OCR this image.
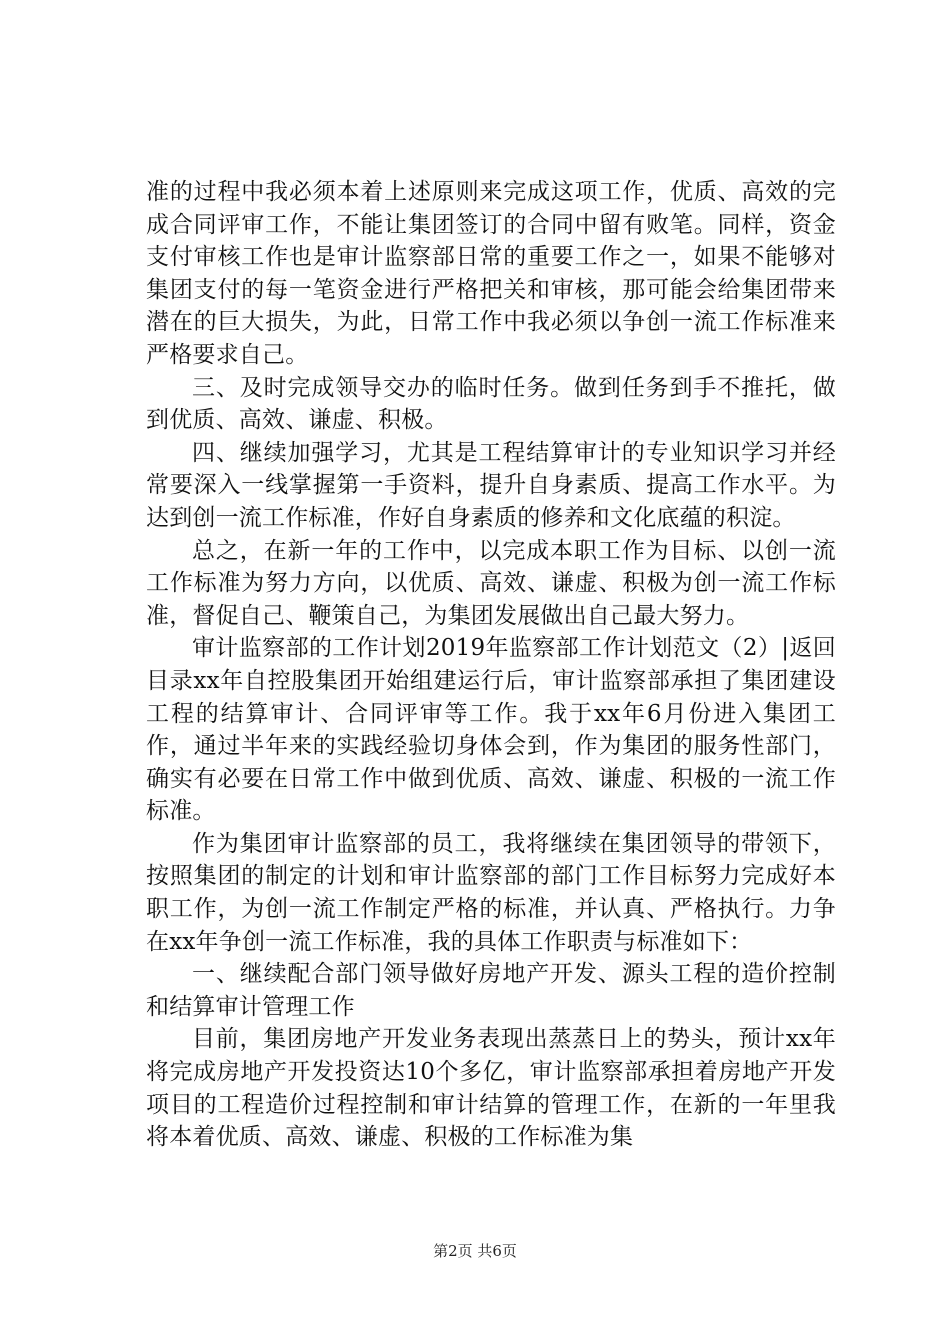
准的过程中我必须本着上述原则来完成这项工作，优质、高效的完成合同评审工作，不能让集团签订的合同中留有败笔。同样，资金支付审核工作也是审计监察部日常的重要工作之一，如果不能够对集团支付的每一笔资金进行严格把关和审核，那可能会给集团带来潜在的巨大损失，为此，日常工作中我必须以争创一流工作标准来严格要求自己。

三、及时完成领导交办的临时任务。做到任务到手不推托，做到优质、高效、谦虚、积极。

四、继续加强学习，尤其是工程结算审计的专业知识学习并经常要深入一线掌握第一手资料，提升自身素质、提高工作水平。为达到创一流工作标准，作好自身素质的修养和文化底蕴的积淀。

总之，在新一年的工作中，以完成本职工作为目标、以创一流工作标准为努力方向，以优质、高效、谦虚、积极为创一流工作标准，督促自己、鞭策自己，为集团发展做出自己最大努力。

审计监察部的工作计划2019年监察部工作计划范文（2）|返回目录xx年自控股集团开始组建运行后，审计监察部承担了集团建设工程的结算审计、合同评审等工作。我于xx年6月份进入集团工作，通过半年来的实践经验切身体会到，作为集团的服务性部门，确实有必要在日常工作中做到优质、高效、谦虚、积极的一流工作标准。

作为集团审计监察部的员工，我将继续在集团领导的带领下，按照集团的制定的计划和审计监察部的部门工作目标努力完成好本职工作，为创一流工作制定严格的标准，并认真、严格执行。力争在xx年争创一流工作标准，我的具体工作职责与标准如下：

一、继续配合部门领导做好房地产开发、源头工程的造价控制和结算审计管理工作

目前，集团房地产开发业务表现出蒸蒸日上的势头，预计xx年将完成房地产开发投资达10个多亿，审计监察部承担着房地产开发项目的工程造价过程控制和审计结算的管理工作，在新的一年里我将本着优质、高效、谦虚、积极的工作标准为集

第2页 共6页
